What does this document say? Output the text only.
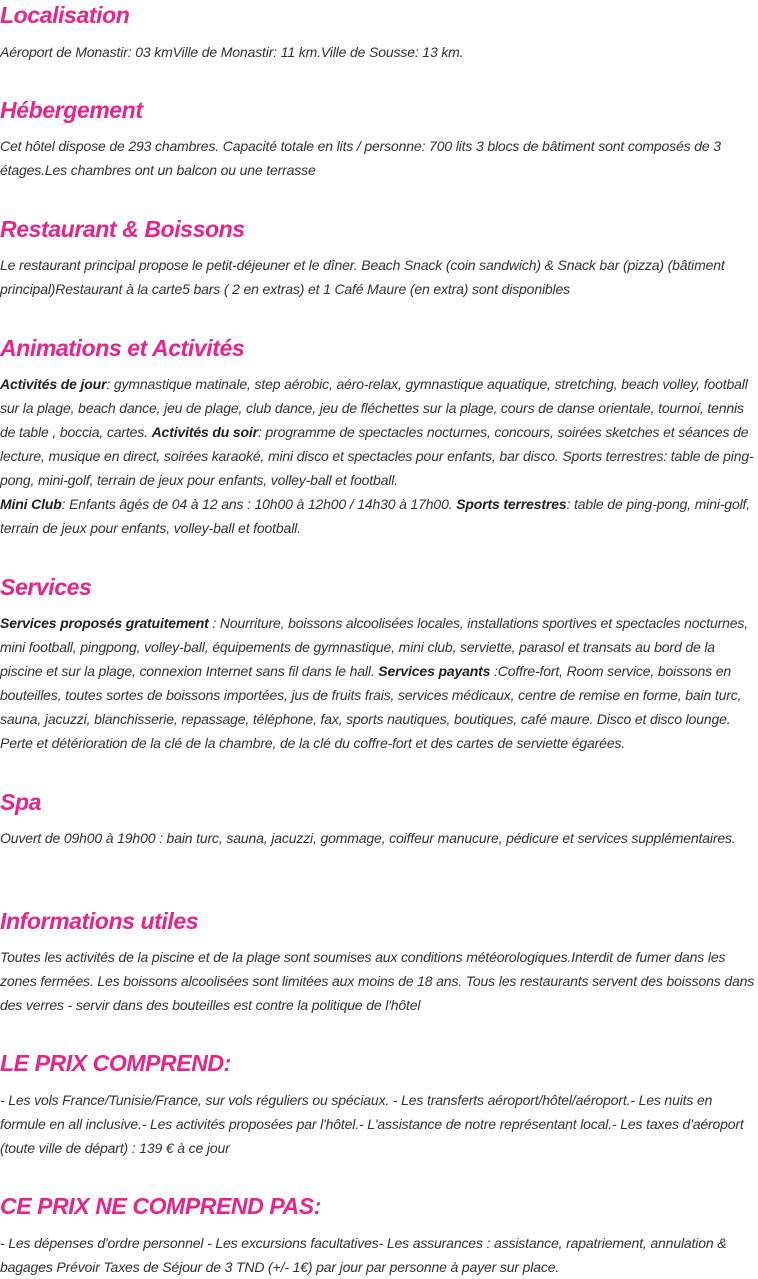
Localisation

Aéroport de Monastir: 03 kmVille de Monastir: 11 km.Ville de Sousse: 13 km.

Hébergement

Cet hôtel dispose de 293 chambres. Capacité totale en lits / personne: 700 lits 3 blocs de bâtiment sont composés de 3 étages.Les chambres ont un balcon ou une terrasse

Restaurant & Boissons

Le restaurant principal propose le petit-déjeuner et le dîner. Beach Snack (coin sandwich) & Snack bar (pizza) (bâtiment principal)Restaurant à la carte5 bars ( 2 en extras) et 1 Café Maure (en extra) sont disponibles

Animations et Activités

Activités de jour: gymnastique matinale, step aérobic, aéro-relax, gymnastique aquatique, stretching, beach volley, football sur la plage, beach dance, jeu de plage, club dance, jeu de fléchettes sur la plage, cours de danse orientale, tournoi, tennis de table , boccia, cartes. Activités du soir: programme de spectacles nocturnes, concours, soirées sketches et séances de lecture, musique en direct, soirées karaoké, mini disco et spectacles pour enfants, bar disco. Sports terrestres: table de ping-pong, mini-golf, terrain de jeux pour enfants, volley-ball et football.

Mini Club: Enfants âgés de 04 à 12 ans : 10h00 à 12h00 / 14h30 à 17h00. Sports terrestres: table de ping-pong, mini-golf, terrain de jeux pour enfants, volley-ball et football.

Services

Services proposés gratuitement : Nourriture, boissons alcoolisées locales, installations sportives et spectacles nocturnes, mini football, pingpong, volley-ball, équipements de gymnastique, mini club, serviette, parasol et transats au bord de la piscine et sur la plage, connexion Internet sans fil dans le hall. Services payants :Coffre-fort, Room service, boissons en bouteilles, toutes sortes de boissons importées, jus de fruits frais, services médicaux, centre de remise en forme, bain turc, sauna, jacuzzi, blanchisserie, repassage, téléphone, fax, sports nautiques, boutiques, café maure. Disco et disco lounge. Perte et détérioration de la clé de la chambre, de la clé du coffre-fort et des cartes de serviette égarées.

Spa

Ouvert de 09h00 à 19h00 : bain turc, sauna, jacuzzi, gommage, coiffeur manucure, pédicure et services supplémentaires.

Informations utiles

Toutes les activités de la piscine et de la plage sont soumises aux conditions météorologiques.Interdit de fumer dans les zones fermées. Les boissons alcoolisées sont limitées aux moins de 18 ans. Tous les restaurants servent des boissons dans des verres - servir dans des bouteilles est contre la politique de l'hôtel

LE PRIX COMPREND:

- Les vols France/Tunisie/France, sur vols réguliers ou spéciaux. - Les transferts aéroport/hôtel/aéroport.- Les nuits en formule en all inclusive.- Les activités proposées par l'hôtel.- L'assistance de notre représentant local.- Les taxes d'aéroport (toute ville de départ) : 139 € à ce jour

CE PRIX NE COMPREND PAS:

- Les dépenses d'ordre personnel - Les excursions facultatives- Les assurances : assistance, rapatriement, annulation & bagages Prévoir Taxes de Séjour de 3 TND (+/- 1€) par jour par personne à payer sur place.
